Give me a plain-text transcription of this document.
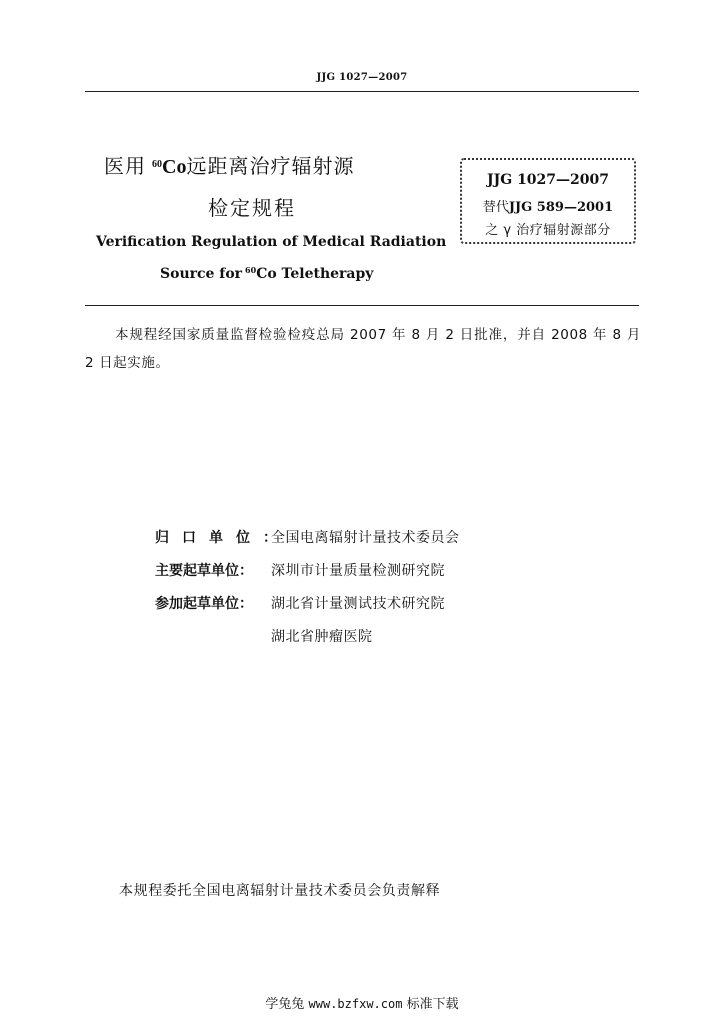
JJG 1027—2007
医用 $^{60}$Co远距离治疗辐射源
检定规程
Verification Regulation of Medical Radiation
Source for $^{60}$Co Teletherapy
JJG 1027—2007
替代JJG 589—2001
之 γ 治疗辐射源部分
本规程经国家质量监督检验检疫总局 2007 年 8 月 2 日批准，并自 2008 年 8 月 2 日起实施。
归口单位：全国电离辐射计量技术委员会
主要起草单位： 深圳市计量质量检测研究院
参加起草单位： 湖北省计量测试技术研究院
湖北省肿瘤医院
本规程委托全国电离辐射计量技术委员会负责解释
学兔兔 www.bzfxw.com 标准下载
